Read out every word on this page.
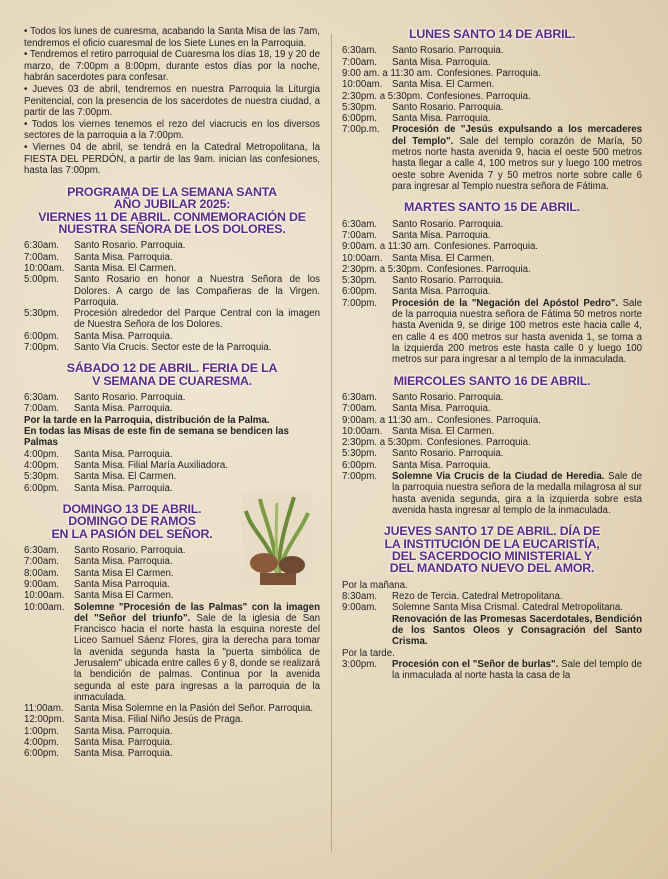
• Todos los lunes de cuaresma, acabando la Santa Misa de las 7am, tendremos el oficio cuaresmal de los Siete Lunes en la Parroquia.

• Tendremos el retiro parroquial de Cuaresma los días 18, 19 y 20 de marzo, de 7:00pm a 8:00pm, durante estos días por la noche, habrán sacerdotes para confesar.

• Jueves 03 de abril, tendremos en nuestra Parroquia la Liturgia Penitencial, con la presencia de los sacerdotes de nuestra ciudad, a partir de las 7:00pm.

• Todos los viernes tenemos el rezo del viacrucis en los diversos sectores de la parroquia a la 7:00pm.

• Viernes 04 de abril, se tendrá en la Catedral Metropolitana, la FIESTA DEL PERDÓN, a partir de las 9am. inician las confesiones, hasta las 7:00pm.

PROGRAMA DE LA SEMANA SANTA
AÑO JUBILAR 2025:
VIERNES 11 DE ABRIL. CONMEMORACIÓN DE
NUESTRA SEÑORA DE LOS DOLORES.
6:30am.	Santo Rosario. Parroquia.
7:00am.	Santa Misa. Parroquia.
10:00am. Santa Misa. El Carmen.
5:00pm.	Santo Rosario en honor a Nuestra Señora de los Dolores. A cargo de las Compañeras de la Virgen. Parroquia.
5:30pm.	Procesión alrededor del Parque Central con la imagen de Nuestra Señora de los Dolores.
6:00pm.	Santa Misa. Parroquia.
7:00pm.	Santo Via Crucis. Sector este de la Parroquia.
SÁBADO 12 DE ABRIL. FERIA DE LA
V SEMANA DE CUARESMA.
6:30am.	Santo Rosario. Parroquia.
7:00am.	Santa Misa. Parroquia.
Por la tarde en la Parroquia, distribución de la Palma.
En todas las Misas de este fin de semana se bendicen las Palmas
4:00pm.	Santa Misa. Parroquia.
4:00pm.	Santa Misa. Filial María Auxiliadora.
5:30pm.	Santa Misa. El Carmen.
6:00pm.	Santa Misa. Parroquia.
DOMINGO 13 DE ABRIL.
DOMINGO DE RAMOS
EN LA PASIÓN DEL SEÑOR.
6:30am.	Santo Rosario. Parroquia.
7:00am.	Santa Misa. Parroquia.
8:00am.	Santa Misa El Carmen.
9:00am.	Santa Misa Parroquia.
10:00am. Santa Misa El Carmen.
10:00am. Solemne "Procesión de las Palmas" con la imagen del "Señor del triunfo". Sale de la iglesia de San Francisco hacia el norte hasta la esquina noreste del Liceo Samuel Sáenz Flores, gira la derecha para tomar la avenida segunda hasta la "puerta simbólica de Jerusalem" ubicada entre calles 6 y 8, donde se realizará la bendición de palmas. Continua por la avenida segunda al este para ingresas a la parroquia de la inmaculada.
11:00am.	Santa Misa Solemne en la Pasión del Señor. Parroquia.
12:00pm. Santa Misa. Filial Niño Jesús de Praga.
1:00pm.	Santa Misa. Parroquia.
4:00pm.	Santa Misa. Parroquia.
6:00pm.	Santa Misa. Parroquia.
LUNES SANTO 14 DE ABRIL.
6:30am.	Santo Rosario. Parroquia.
7:00am.	Santa Misa. Parroquia.
9:00 am. a 11:30 am. Confesiones. Parroquia.
10:00am. Santa Misa. El Carmen.
2:30pm. a 5:30pm. Confesiones. Parroquia.
5:30pm.	Santo Rosario. Parroquia.
6:00pm.	Santa Misa. Parroquia.
7:00p.m.	Procesión de "Jesús expulsando a los mercaderes del Templo". Sale del templo corazón de María, 50 metros norte hasta avenida 9, hacia el oeste 500 metros hasta llegar a calle 4, 100 metros sur y luego 100 metros oeste sobre Avenida 7 y 50 metros norte sobre calle 6 para ingresar al Templo nuestra señora de Fátima.
MARTES SANTO 15 DE ABRIL.
6:30am.	Santo Rosario. Parroquia.
7:00am.	Santa Misa. Parroquia.
9:00am. a 11:30 am. Confesiones. Parroquia.
10:00am. Santa Misa. El Carmen.
2:30pm. a 5:30pm. Confesiones. Parroquia.
5:30pm.	Santo Rosario. Parroquia.
6:00pm.	Santa Misa. Parroquia.
7:00pm.	Procesión de la "Negación del Apóstol Pedro". Sale de la parroquia nuestra señora de Fátima 50 metros norte hasta Avenida 9, se dirige 100 metros este hacia calle 4, en calle 4 es 400 metros sur hasta avenida 1, se toma a la izquierda 200 metros este hasta calle 0 y luego 100 metros sur para ingresar a al templo de la inmaculada.
MIERCOLES SANTO 16 DE ABRIL.
6:30am.	Santo Rosario. Parroquia.
7:00am.	Santa Misa. Parroquia.
9:00am. a 11:30 am.. Confesiones. Parroquia.
10:00am. Santa Misa. El Carmen.
2:30pm. a 5:30pm. Confesiones. Parroquia.
5:30pm.	Santo Rosario. Parroquia.
6:00pm.	Santa Misa. Parroquia.
7:00pm.	Solemne Via Crucis de la Ciudad de Heredia. Sale de la parroquia nuestra señora de la medalla milagrosa al sur hasta avenida segunda, gira a la izquierda sobre esta avenida hasta ingresar al templo de la inmaculada.
JUEVES SANTO 17 DE ABRIL. DÍA DE
LA INSTITUCIÓN DE LA EUCARISTÍA,
DEL SACERDOCIO MINISTERIAL Y
DEL MANDATO NUEVO DEL AMOR.
Por la mañana.
8:30am.	Rezo de Tercia. Catedral Metropolitana.
9:00am.	Solemne Santa Misa Crismal. Catedral Metropolitana.
Renovación de las Promesas Sacerdotales, Bendición de los Santos Oleos y Consagración del Santo Crisma.
Por la tarde.
3:00pm.	Procesión con el "Señor de burlas". Sale del templo de la inmaculada al norte hasta la casa de la
